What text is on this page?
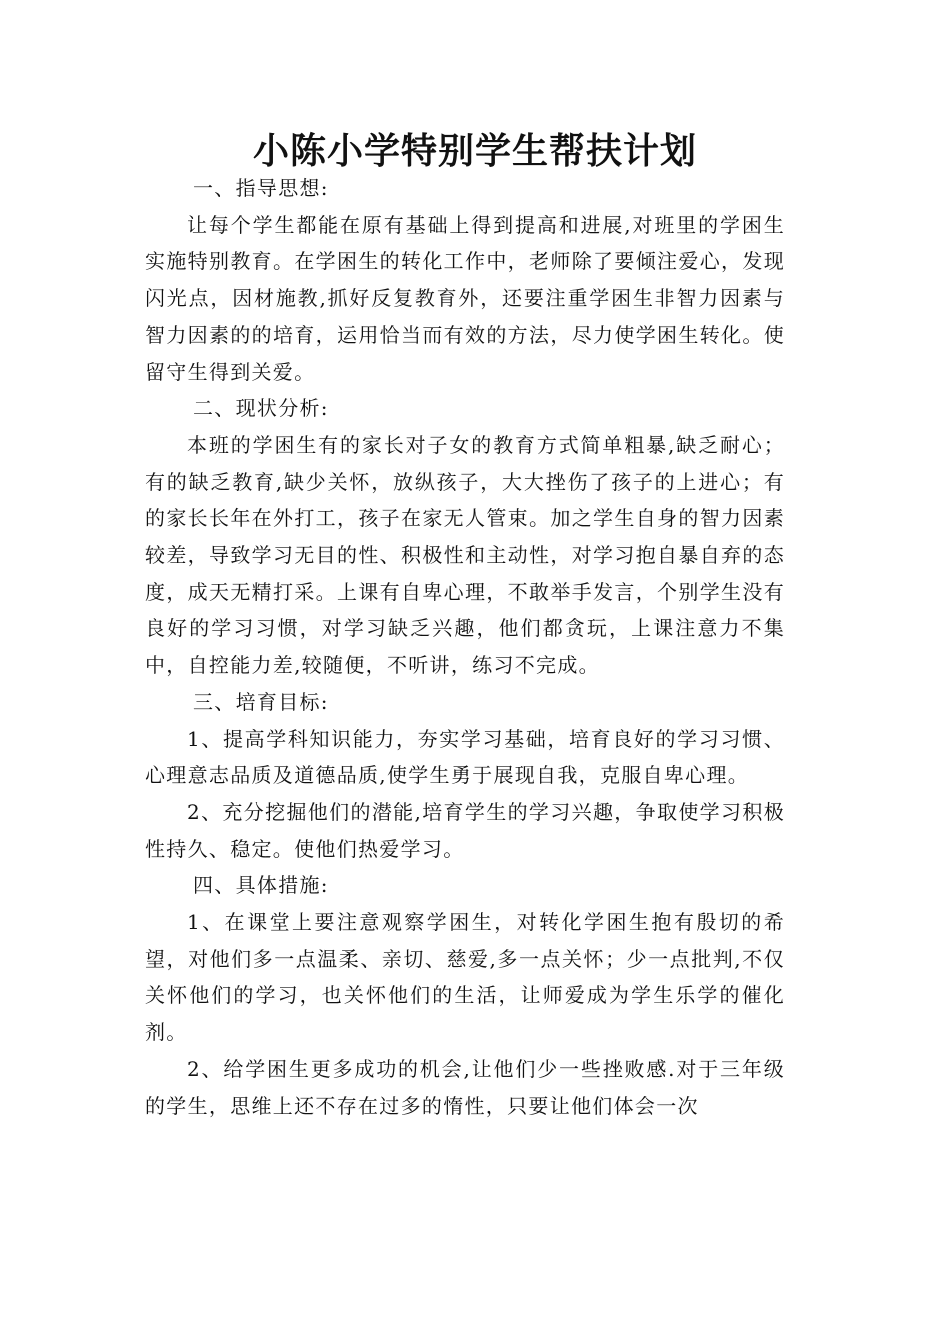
小陈小学特别学生帮扶计划

一、指导思想:

让每个学生都能在原有基础上得到提高和进展,对班里的学困生实施特别教育。在学困生的转化工作中，老师除了要倾注爱心，发现闪光点，因材施教,抓好反复教育外，还要注重学困生非智力因素与智力因素的的培育，运用恰当而有效的方法，尽力使学困生转化。使留守生得到关爱。

二、现状分析:

本班的学困生有的家长对子女的教育方式简单粗暴,缺乏耐心；有的缺乏教育,缺少关怀，放纵孩子，大大挫伤了孩子的上进心；有的家长长年在外打工，孩子在家无人管束。加之学生自身的智力因素较差，导致学习无目的性、积极性和主动性，对学习抱自暴自弃的态度，成天无精打采。上课有自卑心理，不敢举手发言，个别学生没有良好的学习习惯，对学习缺乏兴趣，他们都贪玩，上课注意力不集中，自控能力差,较随便，不听讲，练习不完成。

三、培育目标:

1、提高学科知识能力，夯实学习基础，培育良好的学习习惯、心理意志品质及道德品质,使学生勇于展现自我，克服自卑心理。

2、充分挖掘他们的潜能,培育学生的学习兴趣，争取使学习积极性持久、稳定。使他们热爱学习。

四、具体措施:

1、在课堂上要注意观察学困生，对转化学困生抱有殷切的希望，对他们多一点温柔、亲切、慈爱,多一点关怀；少一点批判,不仅关怀他们的学习，也关怀他们的生活，让师爱成为学生乐学的催化剂。

2、给学困生更多成功的机会,让他们少一些挫败感.对于三年级的学生，思维上还不存在过多的惰性，只要让他们体会一次
